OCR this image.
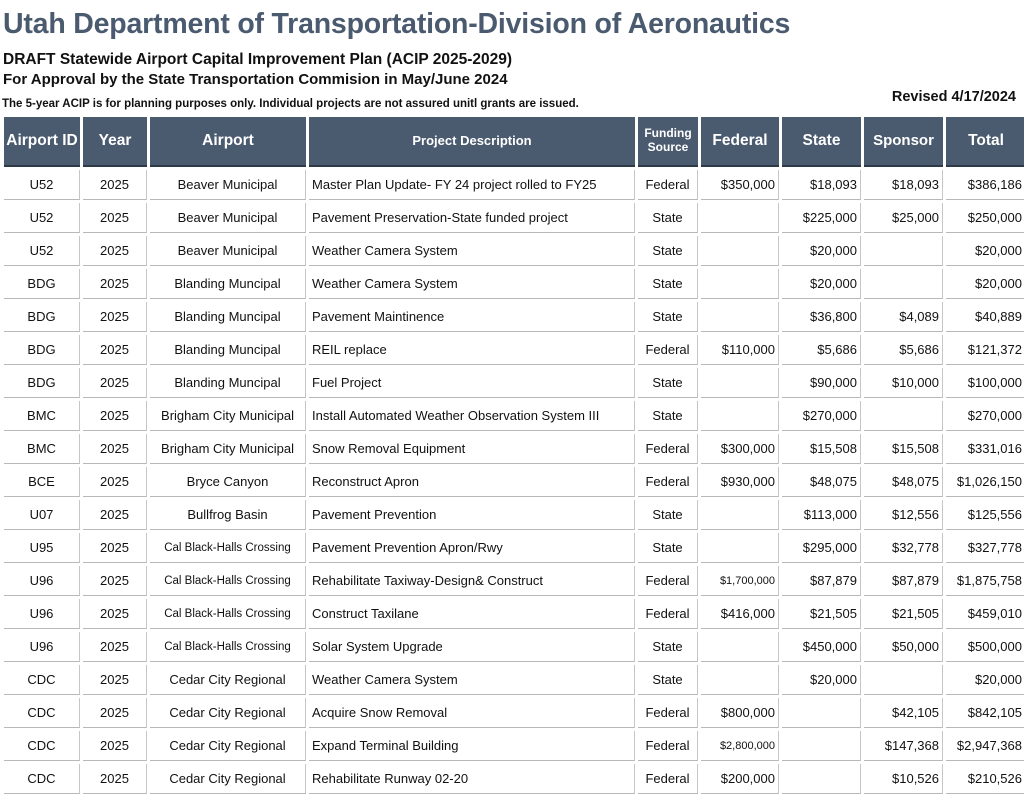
Utah Department of Transportation-Division of Aeronautics
DRAFT Statewide Airport Capital Improvement Plan (ACIP 2025-2029)
For Approval by the State Transportation Commision in May/June 2024
The 5-year ACIP is for planning purposes only. Individual projects are not assured unitl grants are issued.	Revised 4/17/2024
Airport ID	Year	Airport	Project Description	Funding Source	Federal	State	Sponsor	Total
U52	2025	Beaver Municipal	Master Plan Update- FY 24 project rolled to FY25	Federal	$350,000	$18,093	$18,093	$386,186
U52	2025	Beaver Municipal	Pavement Preservation-State funded project	State		$225,000	$25,000	$250,000
U52	2025	Beaver Municipal	Weather Camera System	State		$20,000		$20,000
BDG	2025	Blanding Muncipal	Weather Camera System	State		$20,000		$20,000
BDG	2025	Blanding Muncipal	Pavement Maintinence	State		$36,800	$4,089	$40,889
BDG	2025	Blanding Muncipal	REIL replace	Federal	$110,000	$5,686	$5,686	$121,372
BDG	2025	Blanding Muncipal	Fuel Project	State		$90,000	$10,000	$100,000
BMC	2025	Brigham City Municipal	Install Automated Weather Observation System III	State		$270,000		$270,000
BMC	2025	Brigham City Municipal	Snow Removal Equipment	Federal	$300,000	$15,508	$15,508	$331,016
BCE	2025	Bryce Canyon	Reconstruct Apron	Federal	$930,000	$48,075	$48,075	$1,026,150
U07	2025	Bullfrog Basin	Pavement Prevention	State		$113,000	$12,556	$125,556
U95	2025	Cal Black-Halls Crossing	Pavement Prevention Apron/Rwy	State		$295,000	$32,778	$327,778
U96	2025	Cal Black-Halls Crossing	Rehabilitate Taxiway-Design& Construct	Federal	$1,700,000	$87,879	$87,879	$1,875,758
U96	2025	Cal Black-Halls Crossing	Construct Taxilane	Federal	$416,000	$21,505	$21,505	$459,010
U96	2025	Cal Black-Halls Crossing	Solar System Upgrade	State		$450,000	$50,000	$500,000
CDC	2025	Cedar City Regional	Weather Camera System	State		$20,000		$20,000
CDC	2025	Cedar City Regional	Acquire Snow Removal	Federal	$800,000		$42,105	$842,105
CDC	2025	Cedar City Regional	Expand Terminal Building	Federal	$2,800,000		$147,368	$2,947,368
CDC	2025	Cedar City Regional	Rehabilitate Runway 02-20	Federal	$200,000		$10,526	$210,526
